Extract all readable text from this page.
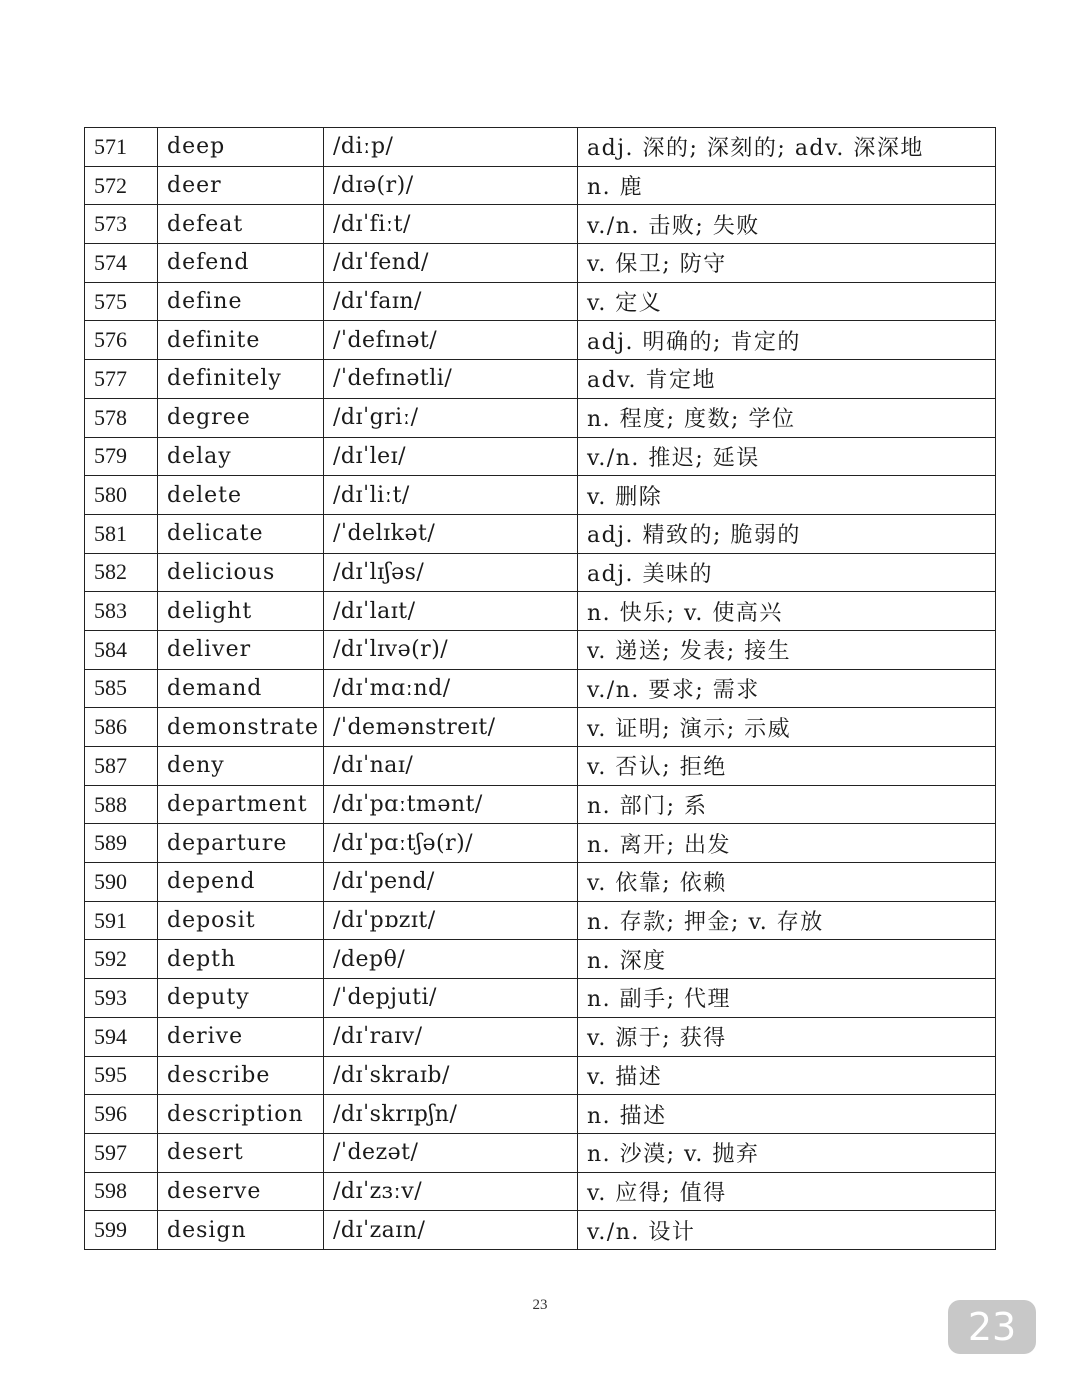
571	deep	/diːp/	adj. 深的; 深刻的; adv. 深深地
572	deer	/dɪə(r)/	n. 鹿
573	defeat	/dɪˈfiːt/	v./n. 击败; 失败
574	defend	/dɪˈfend/	v. 保卫; 防守
575	define	/dɪˈfaɪn/	v. 定义
576	definite	/ˈdefɪnət/	adj. 明确的; 肯定的
577	definitely	/ˈdefɪnətli/	adv. 肯定地
578	degree	/dɪˈgriː/	n. 程度; 度数; 学位
579	delay	/dɪˈleɪ/	v./n. 推迟; 延误
580	delete	/dɪˈliːt/	v. 删除
581	delicate	/ˈdelɪkət/	adj. 精致的; 脆弱的
582	delicious	/dɪˈlɪʃəs/	adj. 美味的
583	delight	/dɪˈlaɪt/	n. 快乐; v. 使高兴
584	deliver	/dɪˈlɪvə(r)/	v. 递送; 发表; 接生
585	demand	/dɪˈmɑːnd/	v./n. 要求; 需求
586	demonstrate	/ˈdemənstreɪt/	v. 证明; 演示; 示威
587	deny	/dɪˈnaɪ/	v. 否认; 拒绝
588	department	/dɪˈpɑːtmənt/	n. 部门; 系
589	departure	/dɪˈpɑːtʃə(r)/	n. 离开; 出发
590	depend	/dɪˈpend/	v. 依靠; 依赖
591	deposit	/dɪˈpɒzɪt/	n. 存款; 押金; v. 存放
592	depth	/depθ/	n. 深度
593	deputy	/ˈdepjuti/	n. 副手; 代理
594	derive	/dɪˈraɪv/	v. 源于; 获得
595	describe	/dɪˈskraɪb/	v. 描述
596	description	/dɪˈskrɪpʃn/	n. 描述
597	desert	/ˈdezət/	n. 沙漠; v. 抛弃
598	deserve	/dɪˈzɜːv/	v. 应得; 值得
599	design	/dɪˈzaɪn/	v./n. 设计
23	23
